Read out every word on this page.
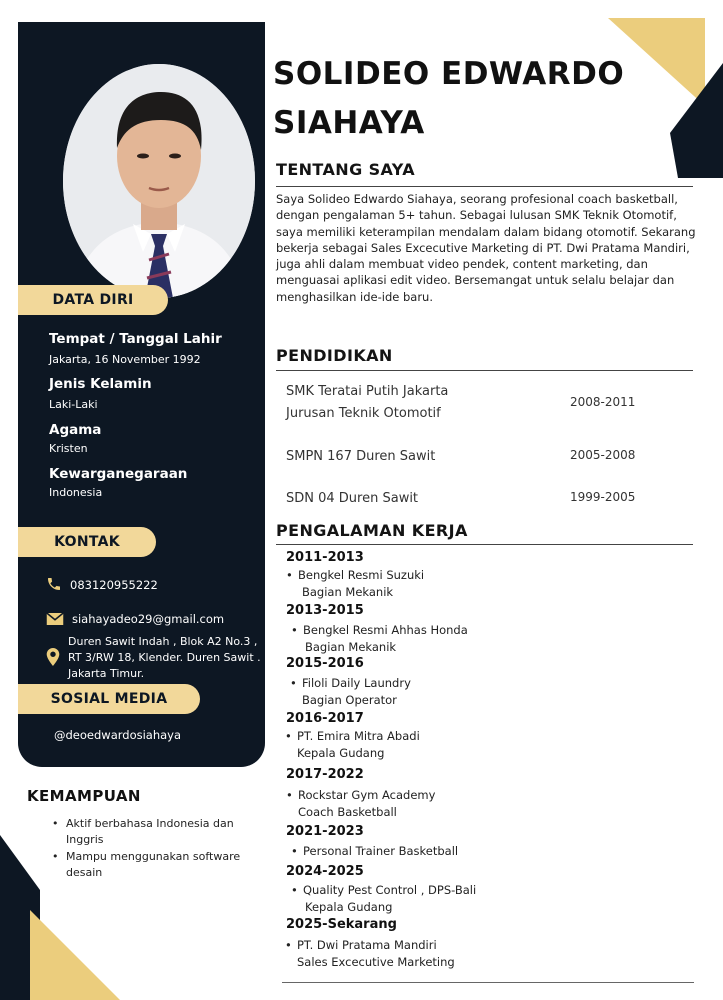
DATA DIRI
Tempat / Tanggal Lahir
Jakarta, 16 November 1992
Jenis Kelamin
Laki-Laki
Agama
Kristen
Kewarganegaraan
Indonesia
KONTAK
083120955222
siahayadeo29@gmail.com
Duren Sawit Indah , Blok A2 No.3 , RT 3/RW 18, Klender. Duren Sawit . Jakarta Timur.
SOSIAL MEDIA
@deoedwardosiahaya
KEMAMPUAN
• Aktif berbahasa Indonesia dan Inggris
• Mampu menggunakan software desain
SOLIDEO EDWARDO
SIAHAYA
TENTANG SAYA
Saya Solideo Edwardo Siahaya, seorang profesional coach basketball, dengan pengalaman 5+ tahun. Sebagai lulusan SMK Teknik Otomotif, saya memiliki keterampilan mendalam dalam bidang otomotif. Sekarang bekerja sebagai Sales Excecutive Marketing di PT. Dwi Pratama Mandiri, juga ahli dalam membuat video pendek, content marketing, dan menguasai aplikasi edit video. Bersemangat untuk selalu belajar dan menghasilkan ide-ide baru.
PENDIDIKAN
SMK Teratai Putih Jakarta
Jurusan Teknik Otomotif
2008-2011
SMPN 167 Duren Sawit	2005-2008
SDN 04 Duren Sawit	1999-2005
PENGALAMAN KERJA
2011-2013
• Bengkel Resmi Suzuki
Bagian Mekanik
2013-2015
• Bengkel Resmi Ahhas Honda
Bagian Mekanik
2015-2016
• Filoli Daily Laundry
Bagian Operator
2016-2017
• PT. Emira Mitra Abadi
Kepala Gudang
2017-2022
• Rockstar Gym Academy
Coach Basketball
2021-2023
• Personal Trainer Basketball
2024-2025
• Quality Pest Control , DPS-Bali
Kepala Gudang
2025-Sekarang
• PT. Dwi Pratama Mandiri
Sales Excecutive Marketing
